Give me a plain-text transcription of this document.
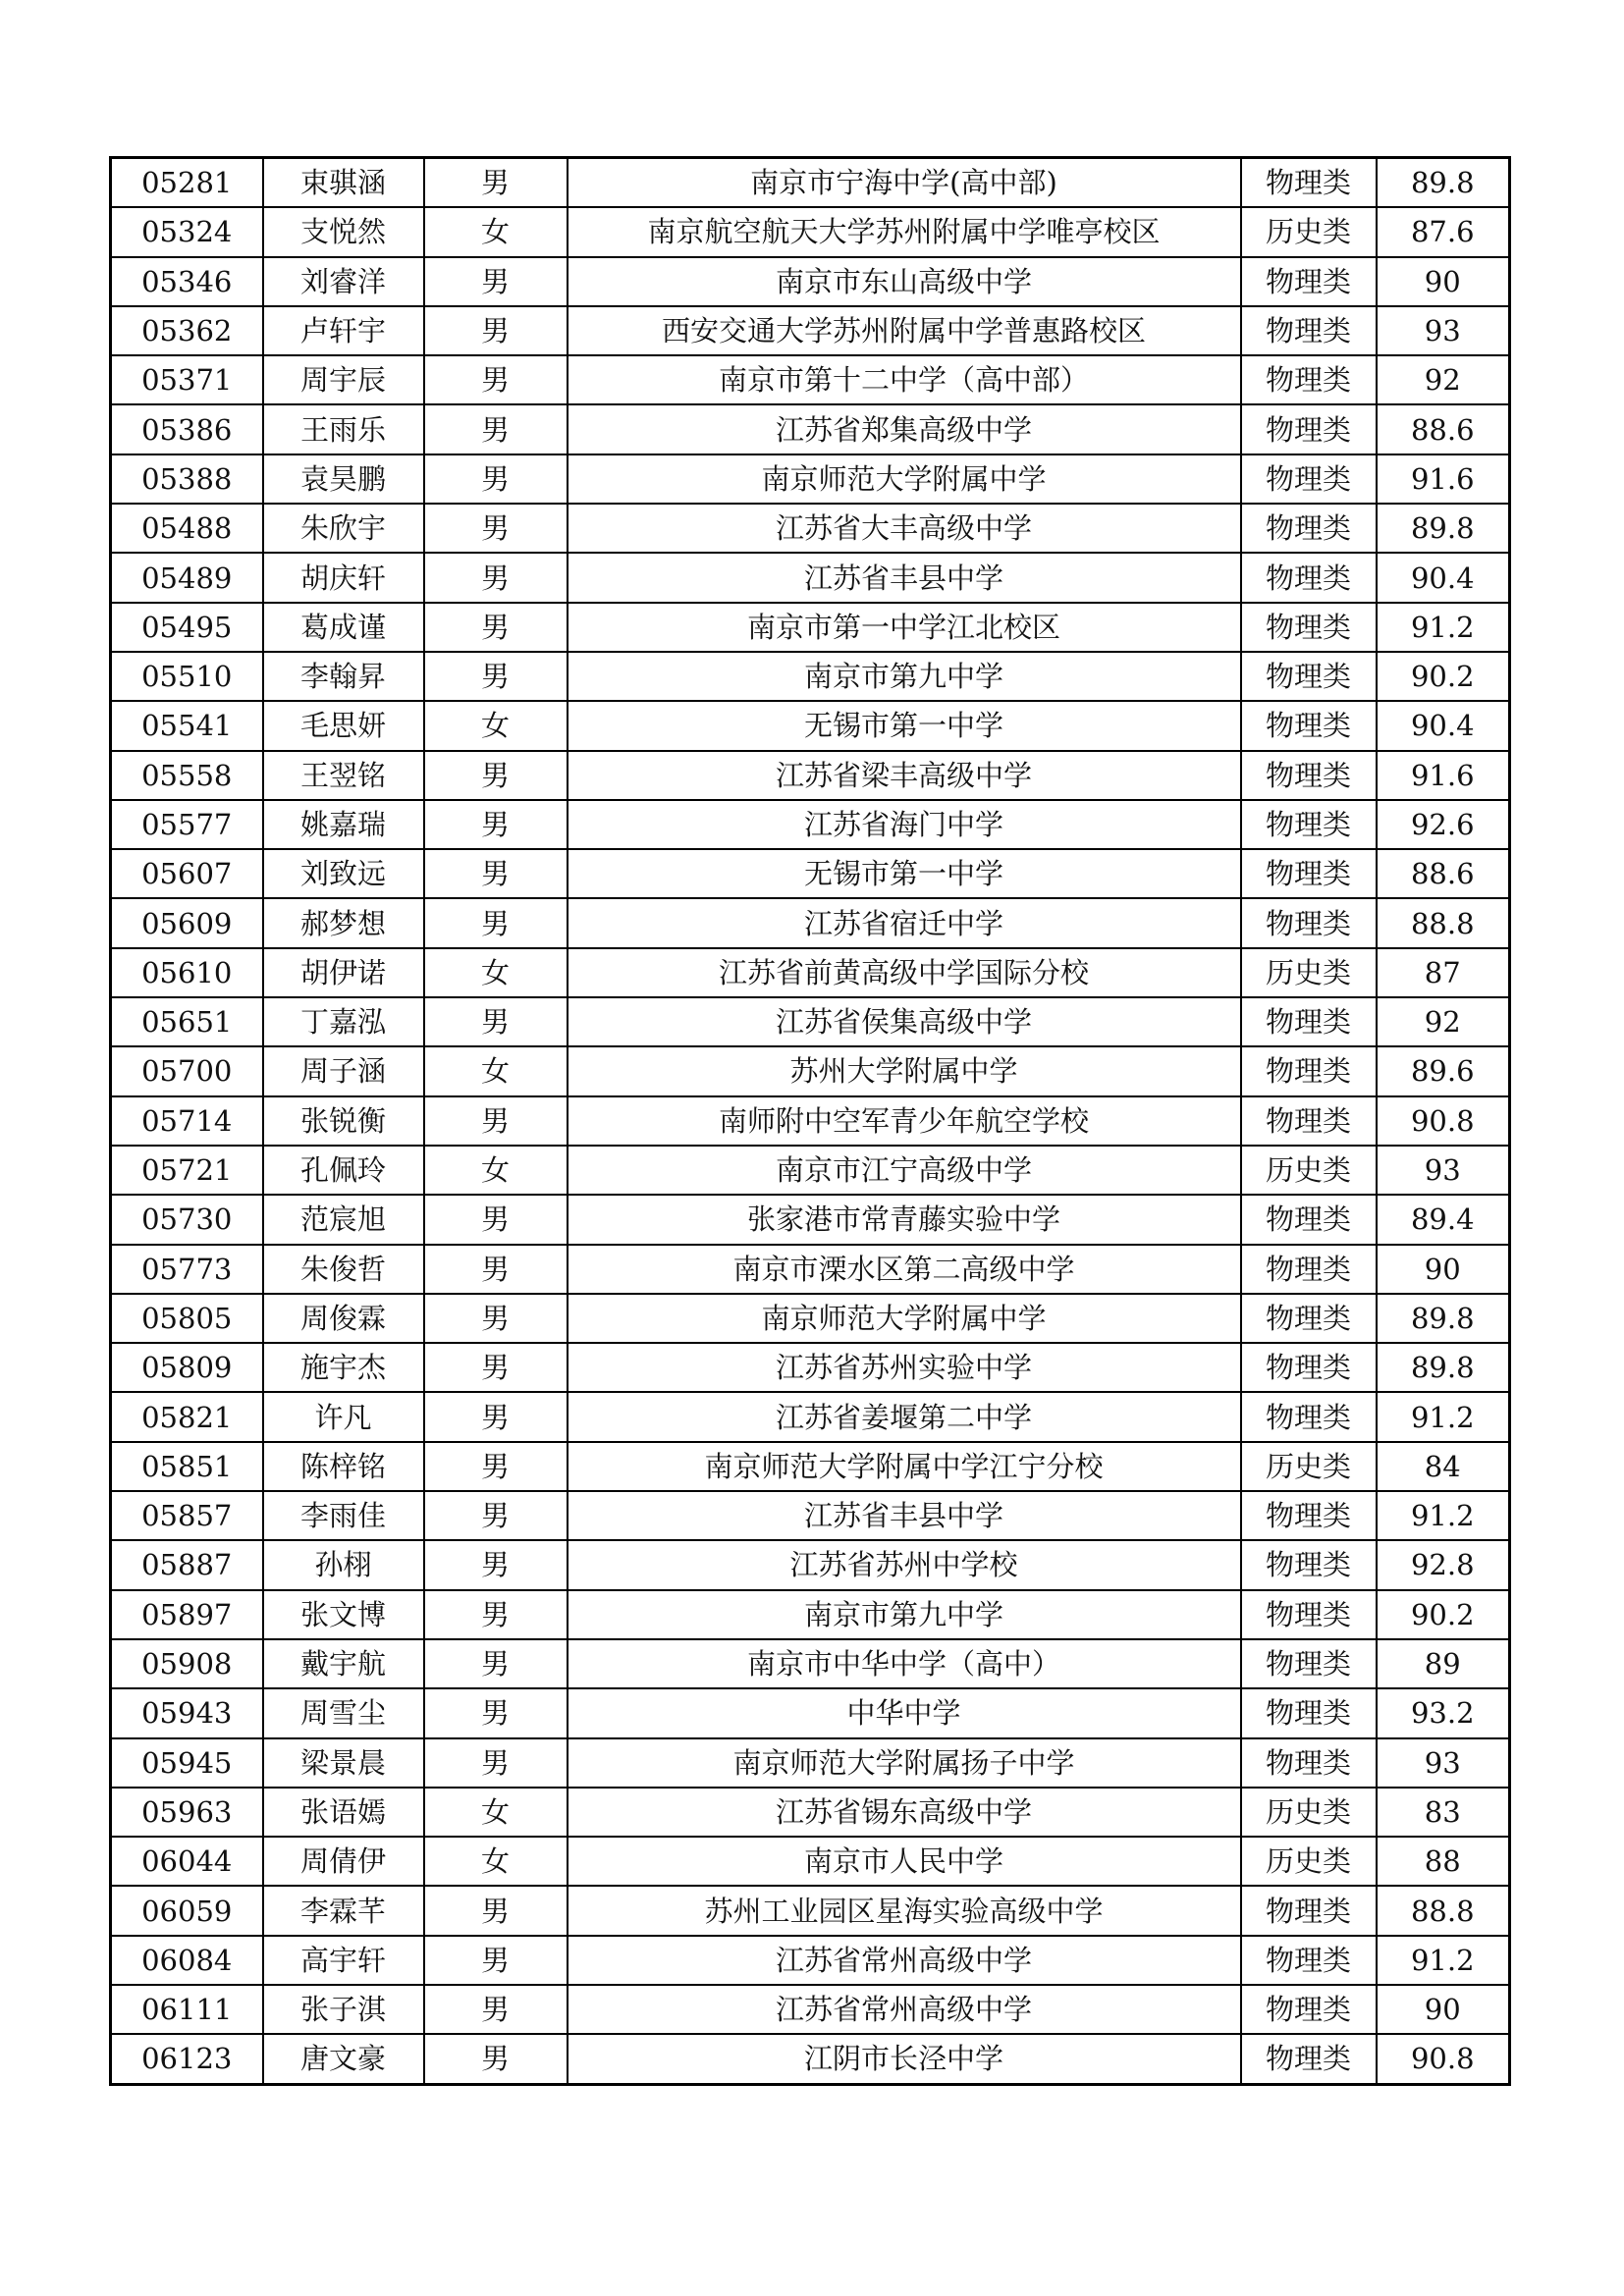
05281	束骐涵	男	南京市宁海中学(高中部)	物理类	89.8
05324	支悦然	女	南京航空航天大学苏州附属中学唯亭校区	历史类	87.6
05346	刘睿洋	男	南京市东山高级中学	物理类	90
05362	卢轩宇	男	西安交通大学苏州附属中学普惠路校区	物理类	93
05371	周宇辰	男	南京市第十二中学（高中部）	物理类	92
05386	王雨乐	男	江苏省郑集高级中学	物理类	88.6
05388	袁昊鹏	男	南京师范大学附属中学	物理类	91.6
05488	朱欣宇	男	江苏省大丰高级中学	物理类	89.8
05489	胡庆轩	男	江苏省丰县中学	物理类	90.4
05495	葛成谨	男	南京市第一中学江北校区	物理类	91.2
05510	李翰昇	男	南京市第九中学	物理类	90.2
05541	毛思妍	女	无锡市第一中学	物理类	90.4
05558	王翌铭	男	江苏省梁丰高级中学	物理类	91.6
05577	姚嘉瑞	男	江苏省海门中学	物理类	92.6
05607	刘致远	男	无锡市第一中学	物理类	88.6
05609	郝梦想	男	江苏省宿迁中学	物理类	88.8
05610	胡伊诺	女	江苏省前黄高级中学国际分校	历史类	87
05651	丁嘉泓	男	江苏省侯集高级中学	物理类	92
05700	周子涵	女	苏州大学附属中学	物理类	89.6
05714	张锐衡	男	南师附中空军青少年航空学校	物理类	90.8
05721	孔佩玲	女	南京市江宁高级中学	历史类	93
05730	范宸旭	男	张家港市常青藤实验中学	物理类	89.4
05773	朱俊哲	男	南京市溧水区第二高级中学	物理类	90
05805	周俊霖	男	南京师范大学附属中学	物理类	89.8
05809	施宇杰	男	江苏省苏州实验中学	物理类	89.8
05821	许凡	男	江苏省姜堰第二中学	物理类	91.2
05851	陈梓铭	男	南京师范大学附属中学江宁分校	历史类	84
05857	李雨佳	男	江苏省丰县中学	物理类	91.2
05887	孙栩	男	江苏省苏州中学校	物理类	92.8
05897	张文博	男	南京市第九中学	物理类	90.2
05908	戴宇航	男	南京市中华中学（高中）	物理类	89
05943	周雪尘	男	中华中学	物理类	93.2
05945	梁景晨	男	南京师范大学附属扬子中学	物理类	93
05963	张语嫣	女	江苏省锡东高级中学	历史类	83
06044	周倩伊	女	南京市人民中学	历史类	88
06059	李霖芊	男	苏州工业园区星海实验高级中学	物理类	88.8
06084	高宇轩	男	江苏省常州高级中学	物理类	91.2
06111	张子淇	男	江苏省常州高级中学	物理类	90
06123	唐文豪	男	江阴市长泾中学	物理类	90.8
